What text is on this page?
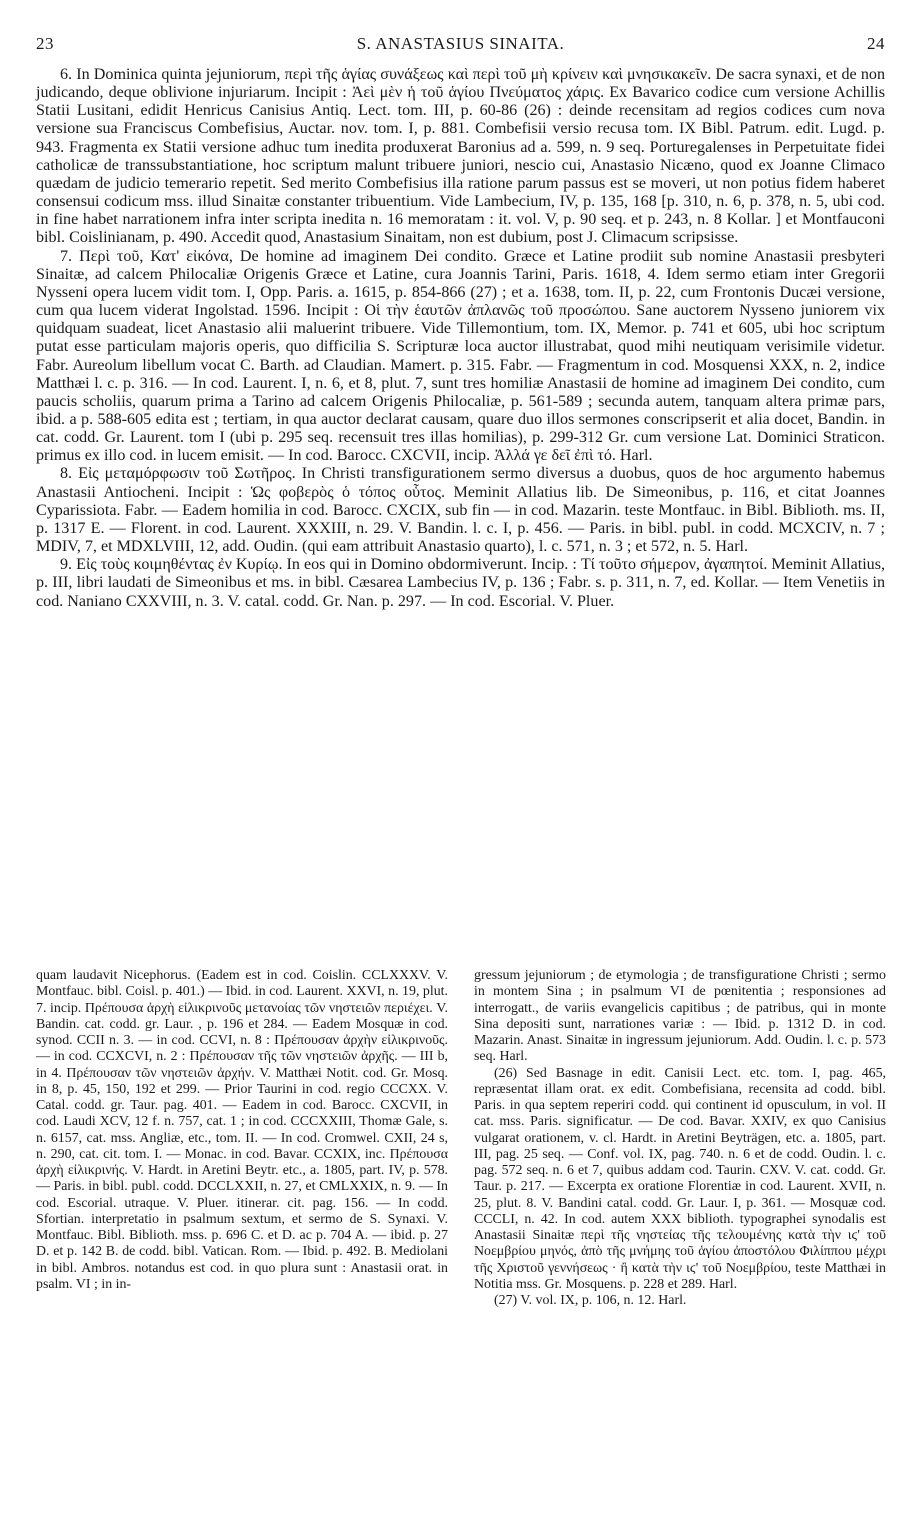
23	S. ANASTASIUS SINAITA.	24

6. In Dominica quinta jejuniorum, περὶ τῆς ἁγίας συνάξεως καὶ περὶ τοῦ μὴ κρίνειν καὶ μνησικακεῖν. De sacra synaxi, et de non judicando, deque oblivione injuriarum. Incipit : Ἀεὶ μὲν ἡ τοῦ ἁγίου Πνεύματος χάρις. Ex Bavarico codice cum versione Achillis Statii Lusitani, edidit Henricus Canisius Antiq. Lect. tom. III, p. 60-86 (26) : deinde recensitam ad regios codices cum nova versione sua Franciscus Combefisius, Auctar. nov. tom. I, p. 881. Combefisii versio recusa tom. IX Bibl. Patrum. edit. Lugd. p. 943. Fragmenta ex Statii versione adhuc tum inedita produxerat Baronius ad a. 599, n. 9 seq. Porturegalenses in Perpetuitate fidei catholicæ de transsubstantiatione, hoc scriptum malunt tribuere juniori, nescio cui, Anastasio Nicæno, quod ex Joanne Climaco quædam de judicio temerario repetit. Sed merito Combefisius illa ratione parum passus est se moveri, ut non potius fidem haberet consensui codicum mss. illud Sinaitæ constanter tribuentium. Vide Lambecium, IV, p. 135, 168 [p. 310, n. 6, p. 378, n. 5, ubi cod. in fine habet narrationem infra inter scripta inedita n. 16 memoratam : it. vol. V, p. 90 seq. et p. 243, n. 8 Kollar. ] et Montfauconi bibl. Coislinianam, p. 490. Accedit quod, Anastasium Sinaitam, non est dubium, post J. Climacum scripsisse.

7. Περὶ τοῦ, Κατ' εἰκόνα, De homine ad imaginem Dei condito. Græce et Latine prodiit sub nomine Anastasii presbyteri Sinaitæ, ad calcem Philocaliæ Origenis Græce et Latine, cura Joannis Tarini, Paris. 1618, 4. Idem sermo etiam inter Gregorii Nysseni opera lucem vidit tom. I, Opp. Paris. a. 1615, p. 854-866 (27) ; et a. 1638, tom. II, p. 22, cum Frontonis Ducæi versione, cum qua lucem viderat Ingolstad. 1596. Incipit : Οἱ τὴν ἑαυτῶν ἀπλανῶς τοῦ προσώπου. Sane auctorem Nysseno juniorem vix quidquam suadeat, licet Anastasio alii maluerint tribuere. Vide Tillemontium, tom. IX, Memor. p. 741 et 605, ubi hoc scriptum putat esse particulam majoris operis, quo difficilia S. Scripturæ loca auctor illustrabat, quod mihi neutiquam verisimile videtur. Fabr. Aureolum libellum vocat C. Barth. ad Claudian. Mamert. p. 315. Fabr. — Fragmentum in cod. Mosquensi XXX, n. 2, indice Matthæi l. c. p. 316. — In cod. Laurent. I, n. 6, et 8, plut. 7, sunt tres homiliæ Anastasii de homine ad imaginem Dei condito, cum paucis scholiis, quarum prima a Tarino ad calcem Origenis Philocaliæ, p. 561-589 ; secunda autem, tanquam altera primæ pars, ibid. a p. 588-605 edita est ; tertiam, in qua auctor declarat causam, quare duo illos sermones conscripserit et alia docet, Bandin. in cat. codd. Gr. Laurent. tom I (ubi p. 295 seq. recensuit tres illas homilias), p. 299-312 Gr. cum versione Lat. Dominici Straticon. primus ex illo cod. in lucem emisit. — In cod. Barocc. CXCVII, incip. Ἀλλά γε δεῖ ἐπὶ τό. Harl.

8. Εἰς μεταμόρφωσιν τοῦ Σωτῆρος. In Christi transfigurationem sermo diversus a duobus, quos de hoc argumento habemus Anastasii Antiocheni. Incipit : Ὡς φοβερὸς ὁ τόπος οὗτος. Meminit Allatius lib. De Simeonibus, p. 116, et citat Joannes Cyparissiota. Fabr. — Eadem homilia in cod. Barocc. CXCIX, sub fin — in cod. Mazarin. teste Montfauc. in Bibl. Biblioth. ms. II, p. 1317 E. — Florent. in cod. Laurent. XXXIII, n. 29. V. Bandin. l. c. I, p. 456. — Paris. in bibl. publ. in codd. MCXCIV, n. 7 ; MDIV, 7, et MDXLVIII, 12, add. Oudin. (qui eam attribuit Anastasio quarto), l. c. 571, n. 3 ; et 572, n. 5. Harl.

9. Εἰς τοὺς κοιμηθέντας ἐν Κυρίῳ. In eos qui in Domino obdormiverunt. Incip. : Τί τοῦτο σήμερον, ἀγαπητοί. Meminit Allatius, p. III, libri laudati de Simeonibus et ms. in bibl. Cæsarea Lambecius IV, p. 136 ; Fabr. s. p. 311, n. 7, ed. Kollar. — Item Venetiis in cod. Naniano CXXVIII, n. 3. V. catal. codd. Gr. Nan. p. 297. — In cod. Escorial. V. Pluer.

quam laudavit Nicephorus. (Eadem est in cod. Coislin. CCLXXXV. V. Montfauc. bibl. Coisl. p. 401.) — Ibid. in cod. Laurent. XXVI, n. 19, plut. 7. incip. Πρέπουσα ἀρχὴ εἰλικρινοῦς μετανοίας τῶν νηστειῶν περιέχει. V. Bandin. cat. codd. gr. Laur. , p. 196 et 284. — Eadem Mosquæ in cod. synod. CCII n. 3. — in cod. CCVI, n. 8 : Πρέπουσαν ἀρχὴν εἰλικρινοῦς. — in cod. CCXCVI, n. 2 : Πρέπουσαν τῆς τῶν νηστειῶν ἀρχῆς. — III b, in 4. Πρέπουσαν τῶν νηστειῶν ἀρχήν. V. Matthæi Notit. cod. Gr. Mosq. in 8, p. 45, 150, 192 et 299. — Prior Taurini in cod. regio CCCXX. V. Catal. codd. gr. Taur. pag. 401. — Eadem in cod. Barocc. CXCVII, in cod. Laudi XCV, 12 f. n. 757, cat. 1 ; in cod. CCCXXIII, Thomæ Gale, s. n. 6157, cat. mss. Angliæ, etc., tom. II. — In cod. Cromwel. CXII, 24 s, n. 290, cat. cit. tom. I. — Monac. in cod. Bavar. CCXIX, inc. Πρέπουσα ἀρχὴ εἰλικρινής. V. Hardt. in Aretini Beytr. etc., a. 1805, part. IV, p. 578. — Paris. in bibl. publ. codd. DCCLXXII, n. 27, et CMLXXIX, n. 9. — In cod. Escorial. utraque. V. Pluer. itinerar. cit. pag. 156. — In codd. Sfortian. interpretatio in psalmum sextum, et sermo de S. Synaxi. V. Montfauc. Bibl. Biblioth. mss. p. 696 C. et D. ac p. 704 A. — ibid. p. 27 D. et p. 142 B. de codd. bibl. Vatican. Rom. — Ibid. p. 492. B. Mediolani in bibl. Ambros. notandus est cod. in quo plura sunt : Anastasii orat. in psalm. VI ; in in-

gressum jejuniorum ; de etymologia ; de transfiguratione Christi ; sermo in montem Sina ; in psalmum VI de pœnitentia ; responsiones ad interrogatt., de variis evangelicis capitibus ; de patribus, qui in monte Sina depositi sunt, narrationes variæ : — Ibid. p. 1312 D. in cod. Mazarin. Anast. Sinaitæ in ingressum jejuniorum. Add. Oudin. l. c. p. 573 seq. Harl.

(26) Sed Basnage in edit. Canisii Lect. etc. tom. I, pag. 465, repræsentat illam orat. ex edit. Combefisiana, recensita ad codd. bibl. Paris. in qua septem reperiri codd. qui continent id opusculum, in vol. II cat. mss. Paris. significatur. — De cod. Bavar. XXIV, ex quo Canisius vulgarat orationem, v. cl. Hardt. in Aretini Beyträgen, etc. a. 1805, part. III, pag. 25 seq. — Conf. vol. IX, pag. 740. n. 6 et de codd. Oudin. l. c. pag. 572 seq. n. 6 et 7, quibus addam cod. Taurin. CXV. V. cat. codd. Gr. Taur. p. 217. — Excerpta ex oratione Florentiæ in cod. Laurent. XVII, n. 25, plut. 8. V. Bandini catal. codd. Gr. Laur. I, p. 361. — Mosquæ cod. CCCLI, n. 42. In cod. autem XXX biblioth. typographei synodalis est Anastasii Sinaitæ περὶ τῆς νηστείας τῆς τελουμένης κατὰ τὴν ιϛ' τοῦ Νοεμβρίου μηνός, ἀπὸ τῆς μνήμης τοῦ ἁγίου ἀποστόλου Φιλίππου μέχρι τῆς Χριστοῦ γεννήσεως · ἢ κατὰ τὴν ιϛ' τοῦ Νοεμβρίου, teste Matthæi in Notitia mss. Gr. Mosquens. p. 228 et 289. Harl.

(27) V. vol. IX, p. 106, n. 12. Harl.
